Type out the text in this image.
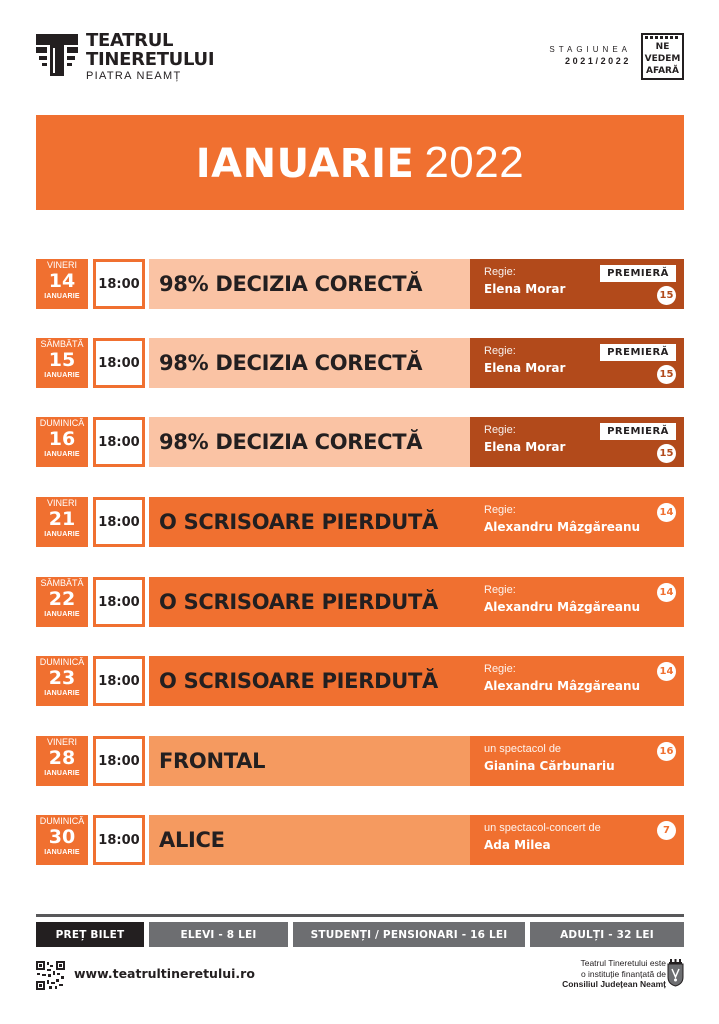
TEATRUL
TINERETULUI
PIATRA NEAMȚ
STAGIUNEA
2021/2022
NE
VEDEM
AFARĂ
IANUARIE 2022
VINERI
14
IANUARIE
18:00 98% DECIZIA CORECTĂ	Regie:
Elena Morar	15
PREMIERĂ
SÂMBĂTĂ
15
IANUARIE
18:00 98% DECIZIA CORECTĂ	Regie:
Elena Morar	15
PREMIERĂ
DUMINICĂ
16
IANUARIE
18:00 98% DECIZIA CORECTĂ	Regie:
Elena Morar	15
PREMIERĂ
VINERI
21
IANUARIE
18:00 O SCRISOARE PIERDUTĂ	Regie:
Alexandru Mâzgăreanu
14
SÂMBĂTĂ
22
IANUARIE
18:00 O SCRISOARE PIERDUTĂ	Regie:
Alexandru Mâzgăreanu
14
DUMINICĂ
23
IANUARIE
18:00 O SCRISOARE PIERDUTĂ	Regie:
Alexandru Mâzgăreanu
14
VINERI
28
IANUARIE
18:00 FRONTAL	un spectacol de
Gianina Cărbunariu
16
DUMINICĂ
30
IANUARIE
18:00 ALICE	un spectacol-concert de
Ada Milea
7
PREȚ BILET	ELEVI - 8 LEI	STUDENȚI / PENSIONARI - 16 LEI	ADULȚI - 32 LEI
www.teatrultineretului.ro
Teatrul Tineretului este
o instituție finanțată de
Consiliul Județean Neamț
